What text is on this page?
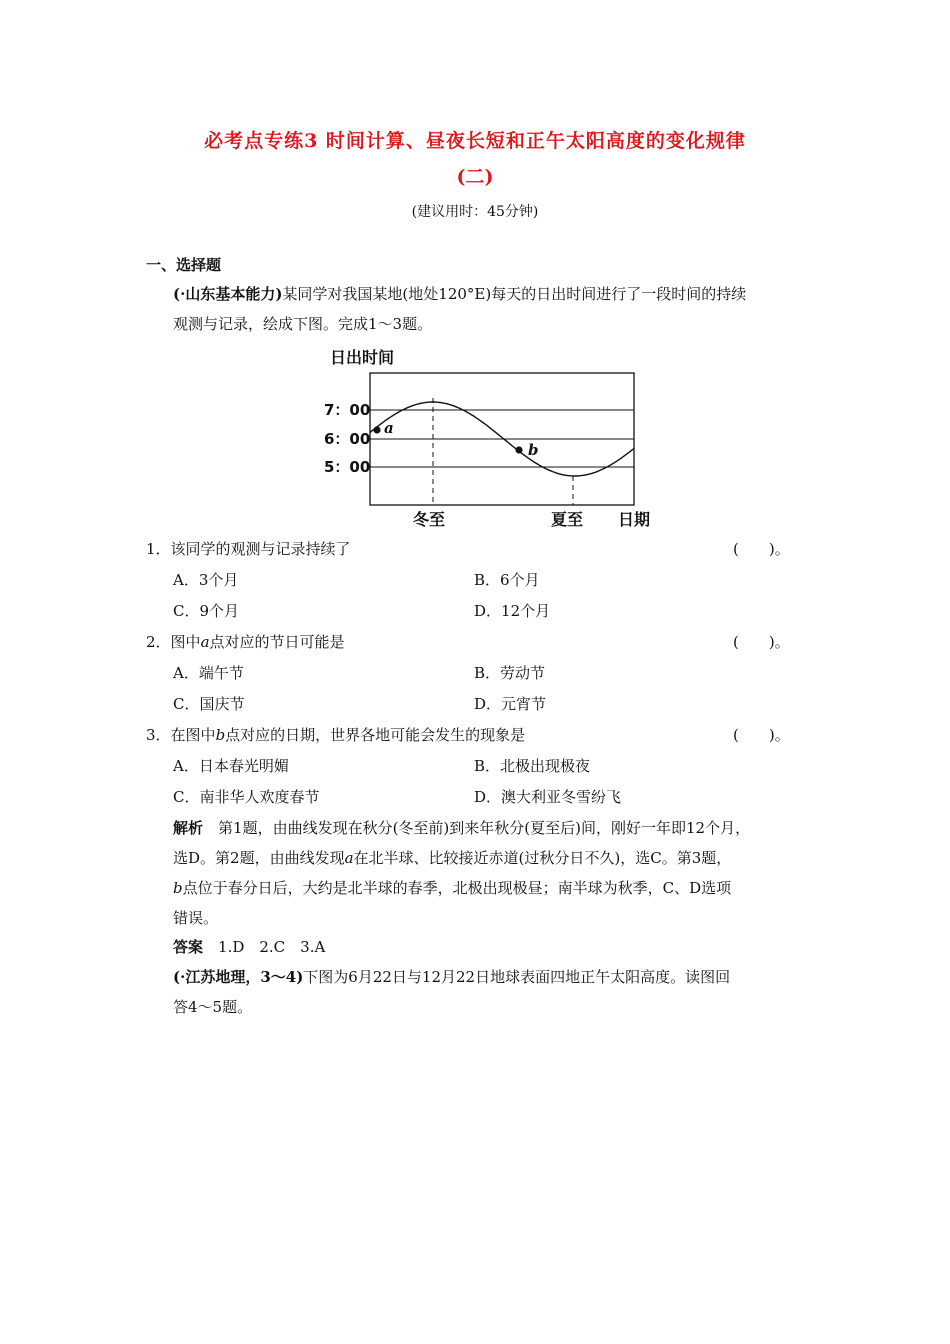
必考点专练3 时间计算、昼夜长短和正午太阳高度的变化规律
(二)
(建议用时：45分钟)
一、选择题
(·山东基本能力)某同学对我国某地(地处120°E)每天的日出时间进行了一段时间的持续
观测与记录，绘成下图。完成1～3题。
日出时间
7：00
6：00
5：00
a
b
冬至	夏至 日期
1．该同学的观测与记录持续了	(　　)。
A．3个月	B．6个月
C．9个月	D．12个月
2．图中a点对应的节日可能是	(　　)。
A．端午节	B．劳动节
C．国庆节	D．元宵节
3．在图中b点对应的日期，世界各地可能会发生的现象是	(　　)。
A．日本春光明媚	B．北极出现极夜
C．南非华人欢度春节	D．澳大利亚冬雪纷飞
解析　 第1题，由曲线发现在秋分(冬至前)到来年秋分(夏至后)间，刚好一年即12个月，
选D。第2题，由曲线发现a在北半球、比较接近赤道(过秋分日不久)，选C。第3题，
b点位于春分日后，大约是北半球的春季，北极出现极昼；南半球为秋季，C、D选项
错误。
答案　 1.D　2.C　3.A
(·江苏地理，3～4)下图为6月22日与12月22日地球表面四地正午太阳高度。读图回
答4～5题。
